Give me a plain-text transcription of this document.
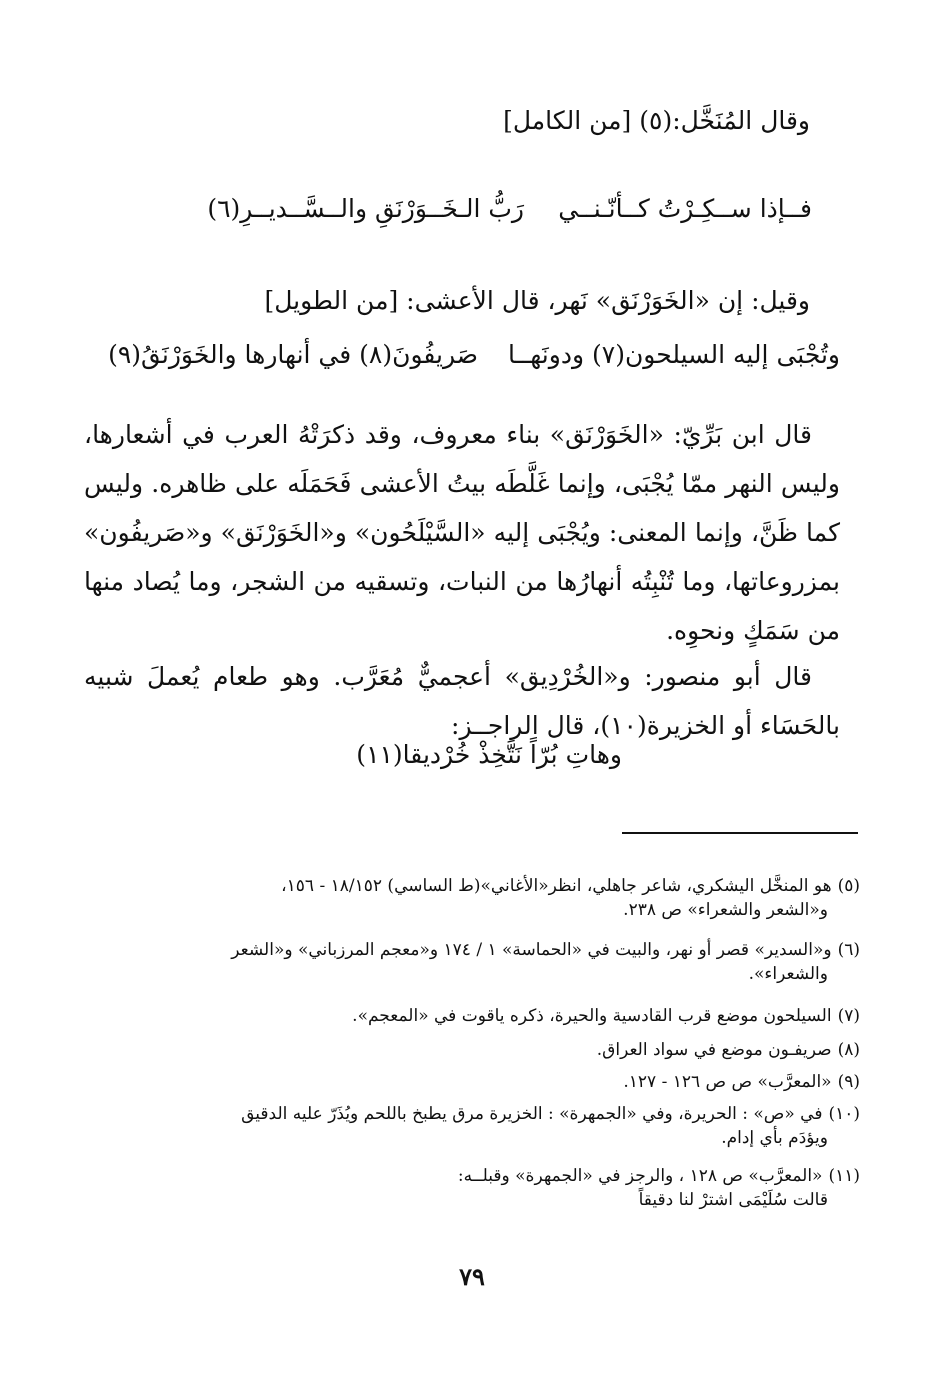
وقال المُنَخَّل:(٥) [من الكامل]
فــإذا ســكِـرْتُ كــأنّـنــي
رَبُّ الـخَــوَرْنَقِ والــسَّــديــرِ(٦)
وقيل: إن «الخَوَرْنَق» نَهر، قال الأعشى: [من الطويل]
وتُجْبَى إليه السيلحون(٧) ودونَهــا
صَريفُونَ(٨) في أنهارها والخَوَرْنَقُ(٩)
قال ابن بَرِّيّ: «الخَوَرْنَق» بناء معروف، وقد ذكرَتْهُ العرب في أشعارها، وليس النهر ممّا يُجْبَى، وإنما غَلَّطَه بيتُ الأعشى فَحَمَلَه على ظاهره. وليس كما ظَنَّ، وإنما المعنى: ويُجْبَى إليه «السَّيْلَحُون» و«الخَوَرْنَق» و«صَريفُون» بمزروعاتها، وما تُنْبِتُه أنهارُها من النبات، وتسقيه من الشجر، وما يُصاد منها من سَمَكٍ ونحوِه.
قال أبو منصور: و«الخُرْدِيق» أعجميٌّ مُعَرَّب. وهو طعام يُعملَ شبيه بالحَسَاء أو الخزيرة(١٠)، قال الراجــز:
وهاتِ بُرّاً نَتَّخِذْ خُرْديقا(١١)
(٥)هو المنخَّل اليشكري، شاعر جاهلي، انظر«الأغاني»(ط الساسي) ١٨/١٥٢ - ١٥٦،
و«الشعر والشعراء» ص ٢٣٨.
(٦)و«السدير» قصر أو نهر، والبيت في «الحماسة» ١ / ١٧٤ و«معجم المرزباني» و«الشعر
والشعراء».
(٧)السيلحون موضع قرب القادسية والحيرة، ذكره ياقوت في «المعجم».
(٨)صريفـون موضع في سواد العراق.
(٩)«المعرَّب» ص ص ١٢٦ - ١٢٧.
(١٠)في «ص» : الحريرة، وفي «الجمهرة» : الخزيرة مرق يطبخ باللحم ويُذَرّ عليه الدقيق
ويؤدَم بأي إدام.
(١١)«المعرَّب» ص ١٢٨ ، والرجز في «الجمهرة» وقبلــه:
قالت سُلَيْمَى اشترْ لنا دقيقاً
٧٩
